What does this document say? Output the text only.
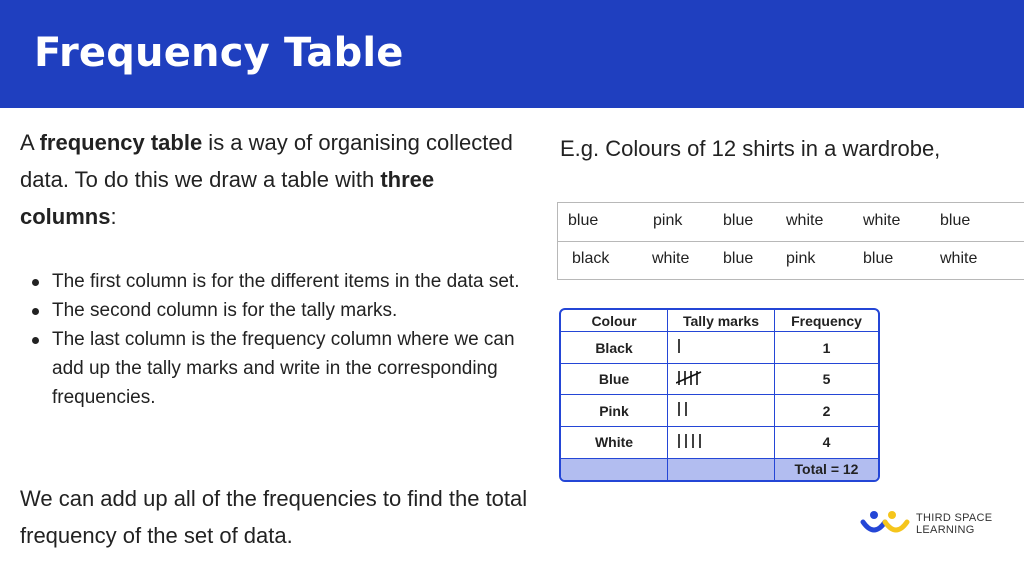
Frequency Table

A frequency table is a way of organising collected data. To do this we draw a table with three columns:

The first column is for the different items in the data set.
The second column is for the tally marks.
The last column is the frequency column where we can add up the tally marks and write in the corresponding frequencies.

We can add up all of the frequencies to find the total frequency of the set of data.

E.g. Colours of 12 shirts in a wardrobe,

blue	pink	blue white white blue
black	white blue pink	blue	white
Colour	Tally marks	Frequency
Black		1
Blue		5
Pink		2
White		4
		Total = 12
THIRD SPACE
LEARNING
